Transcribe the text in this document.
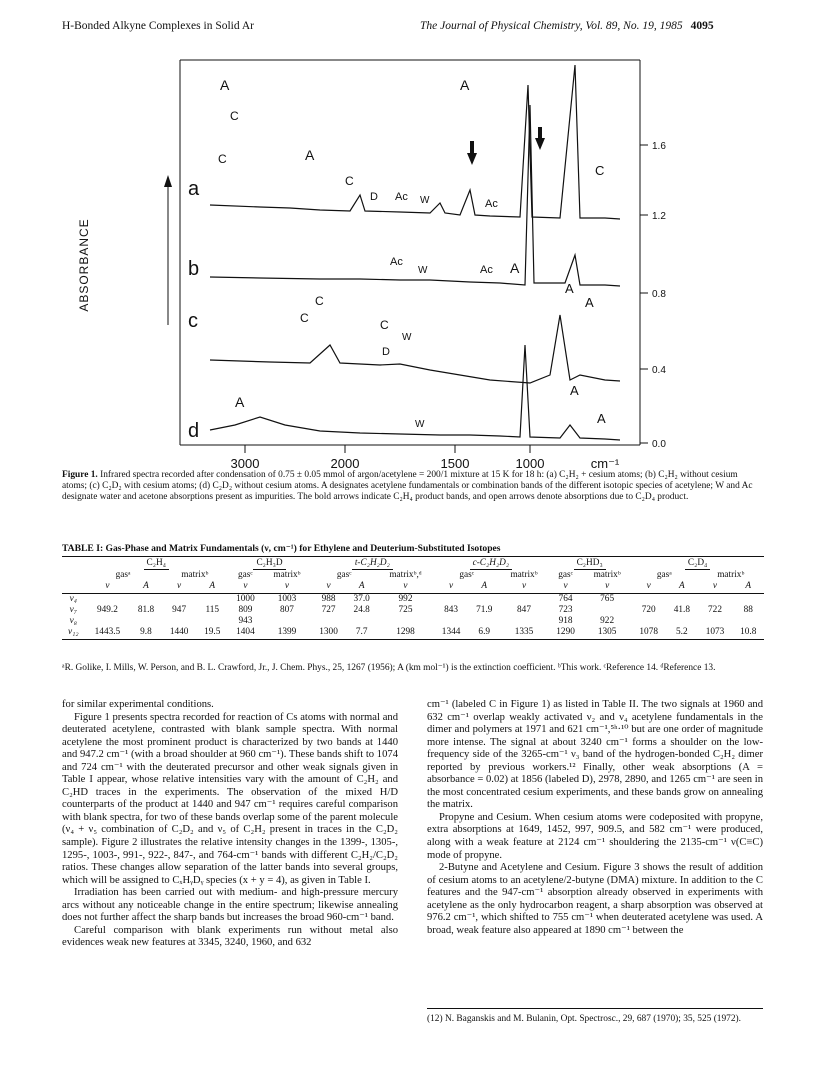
H-Bonded Alkyne Complexes in Solid Ar	The Journal of Physical Chemistry, Vol. 89, No. 19, 1985 4095
ABSORBANCE
3000	2000	1500	1000	cm⁻¹
1.6
1.2
0.8
0.4
0.0
a
b
c
d
A
C
C	A
C
D Ac W
A
Ac
C
Ac
W	Ac A
A
C
C	C
D
W
A
A
W
A
A
Figure 1. Infrared spectra recorded after condensation of 0.75 ± 0.05 mmol of argon/acetylene = 200/1 mixture at 15 K for 18 h: (a) C₂H₂ + cesium atoms; (b) C₂H₂ without cesium atoms; (c) C₂D₂ with cesium atoms; (d) C₂D₂ without cesium atoms. A designates acetylene fundamentals or combination bands of the different isotopic species of acetylene; W and Ac designate water and acetone absorptions present as impurities. The bold arrows indicate C₂H₄ product bands, and open arrows denote absorptions due to C₂D₄ product.
TABLE I: Gas-Phase and Matrix Fundamentals (ν, cm⁻¹) for Ethylene and Deuterium-Substituted Isotopes

	C₂H₄				C₂H₃D		t-C₂H₂D₂			c-C₂H₂D₂			C₂HD₃		C₂D₄			
	gasᵃ		matrixᵇ		gasᶜ	matrixᵇ	gasᶜ		matrixᵇ,ᵈ	gasᶜ		matrixᵇ	gasᶜ	matrixᵇ	gasᵃ		matrixᵇ	
	ν	A	ν	A	ν	ν	ν	A	ν	ν	A	ν	ν	ν	ν	A	ν	A

ν₄					1000	1003	988	37.0	992				764	765				
ν₇	949.2	81.8	947	115	809	807	727	24.8	725	843	71.9	847	723		720	41.8	722	88
ν₈					943								918	922				
ν₁₂	1443.5	9.8	1440	19.5	1404	1399	1300	7.7	1298	1344	6.9	1335	1290	1305	1078	5.2	1073	10.8

ᵃR. Golike, I. Mills, W. Person, and B. L. Crawford, Jr., J. Chem. Phys., 25, 1267 (1956); A (km mol⁻¹) is the extinction coefficient. ᵇThis work. ᶜReference 14. ᵈReference 13.

for similar experimental conditions.

Figure 1 presents spectra recorded for reaction of Cs atoms with normal and deuterated acetylene, contrasted with blank sample spectra. With normal acetylene the most prominent product is characterized by two bands at 1440 and 947.2 cm⁻¹ (with a broad shoulder at 960 cm⁻¹). These bands shift to 1074 and 724 cm⁻¹ with the deuterated precursor and other weak signals given in Table I appear, whose relative intensities vary with the amount of C₂H₂ and C₂HD traces in the experiments. The observation of the mixed H/D counterparts of the product at 1440 and 947 cm⁻¹ requires careful comparison with blank spectra, for two of these bands overlap some of the parent molecule (ν₄ + ν₅ combination of C₂D₂ and ν₅ of C₂H₂ present in traces in the C₂D₂ sample). Figure 2 illustrates the relative intensity changes in the 1399-, 1305-, 1295-, 1003-, 991-, 922-, 847-, and 764-cm⁻¹ bands with different C₂H₂/C₂D₂ ratios. These changes allow separation of the latter bands into several groups, which will be assigned to CₓHᵧDᵧ species (x + y = 4), as given in Table I.

Irradiation has been carried out with medium- and high-pressure mercury arcs without any noticeable change in the entire spectrum; likewise annealing does not further affect the sharp bands but increases the broad 960-cm⁻¹ band.

Careful comparison with blank experiments run without metal also evidences weak new features at 3345, 3240, 1960, and 632

cm⁻¹ (labeled C in Figure 1) as listed in Table II. The two signals at 1960 and 632 cm⁻¹ overlap weakly activated ν₂ and ν₄ acetylene fundamentals in the dimer and polymers at 1971 and 621 cm⁻¹,⁵ʰ·¹⁰ but are one order of magnitude more intense. The signal at about 3240 cm⁻¹ forms a shoulder on the low-frequency side of the 3265-cm⁻¹ ν₃ band of the hydrogen-bonded C₂H₂ dimer reported by previous workers.¹² Finally, other weak absorptions (A = absorbance = 0.02) at 1856 (labeled D), 2978, 2890, and 1265 cm⁻¹ are seen in the most concentrated cesium experiments, and these bands grow on annealing the matrix.

Propyne and Cesium. When cesium atoms were codeposited with propyne, extra absorptions at 1649, 1452, 997, 909.5, and 582 cm⁻¹ were produced, along with a weak feature at 2124 cm⁻¹ shouldering the 2135-cm⁻¹ ν(C≡C) mode of propyne.

2-Butyne and Acetylene and Cesium. Figure 3 shows the result of addition of cesium atoms to an acetylene/2-butyne (DMA) mixture. In addition to the C features and the 947-cm⁻¹ absorption already observed in experiments with acetylene as the only hydrocarbon reagent, a sharp absorption was observed at 976.2 cm⁻¹, which shifted to 755 cm⁻¹ when deuterated acetylene was used. A broad, weak feature also appeared at 1890 cm⁻¹ between the

(12) N. Baganskis and M. Bulanin, Opt. Spectrosc., 29, 687 (1970); 35, 525 (1972).
